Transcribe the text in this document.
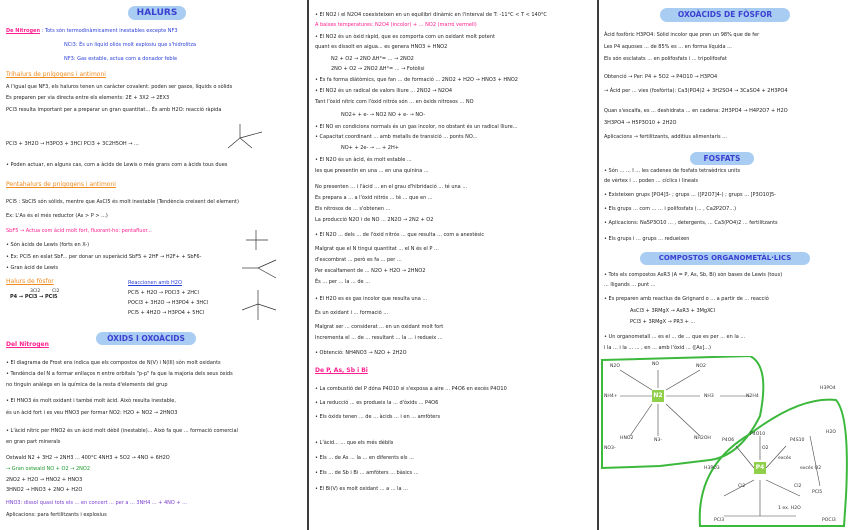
HALURS
De Nitrogen : Tots són termodinàmicament inestables excepte NF3
NCl3: És un líquid oliós molt explosiu que s'hidrolitza
NF3: Gas estable, actua com a donador feble
Trihalurs de pnígogens i antimoni
A l'igual que NF3, els haluros tenen un caràcter covalent: poden ser gasos, líquids o sòlids
Es preparen per via directa entre els elements: 2E + 3X2 → 2EX3
PCl3 resulta important per a preparar un gran quantitat... És amb H2O: reacció ràpida
PCl3 + 3H2O → H3PO3 + 3HCl PCl3 + 3C2H5OH → ...
• Poden actuar, en alguns cas, com a àcids de Lewis o més grans com a àcids tous dues
Pentahalurs de pnígogens i antimoni
PCl5 : SbCl5 són sòlids, mentre que AsCl5 és molt inestable (Tendència creixent del element)
Ex: L'As és el més reductor (As > P > ...)
SbF5 → Actua com àcid molt fort, fluorant-ho: pentafluor...
• Són àcids de Lewis (forts en X-)
• Ex: PCl5 en eslat SbF... per donar un superàcid SbF5 + 2HF → H2F+ + SbF6-
• Gran àcid de Lewis
Halurs de fòsfor
P4 → PCl3 → PCl5
3Cl2	Cl2
Reaccionen amb H2O
PCl5 + H2O → POCl3 + 2HCl
POCl3 + 3H2O → H3PO4 + 3HCl
PCl5 + 4H2O → H3PO4 + 5HCl
Del Nitrogen
ÒXIDS I OXOÀCIDS
• El diagrama de Frost ens indica que els compostos de N(V) i N(III) són molt oxidants
• Tendència del N a formar enllaços π entre orbitals "p-p" fa que la majoria dels seus òxids
no tinguin anàlegs en la química de la resta d'elements del grup
• El HNO3 és molt oxidant i també molt àcid. Això resulta inestable,
és un àcid fort i es veu HNO3 per formar NO2: H2O + NO2 → 2HNO3
• L'àcid nítric per HNO2 és un àcid molt dèbil (inestable)... Això fa que ... formació comercial
en gran part minerals
Ostwald N2 + 3H2 → 2NH3 ... 400°C 4NH3 + 5O2 → 4NO + 6H2O
→ Gran ostwald NO + O2 → 2NO2
2NO2 + H2O → HNO2 + HNO3
3HNO2 → HNO3 + 2NO + H2O
HNO3: dissol quasi tots els ... en concert ... per a ... 3NH4 ... + 4NO + ...
Aplicacions: para fertilitzants i explosius
• El NO2 i el N2O4 coexisteixen en un equilibri dinàmic en l'interval de T: -11°C < T < 140°C
A baixes temperatures: N2O4 (incolor) + ... NO2 (marró vermell)
• El NO2 és un òxid ràpid, que es comporta com un oxidant molt potent
quant es dissolt en aigua... es genera HNO3 + HNO2
N2 + O2 → 2NO ΔH°= ... → 2NO2
2NO + O2 → 2NO2 ΔH°= ... → Fotòlisi
• Es fa forma diàtòmics, que fan ... de formació ... 2NO2 + H2O → HNO3 + HNO2
• El NO2 és un radical de valors lliure ... 2NO2 → N2O4
Tant l'òxid nítric com l'òxid nitrós són ... en òxids nitrosos ... NO
NO2+ + e- → NO2 NO + e- → NO-
• El NO en condicions normals és un gas incolor, no obstant és un radical lliure...
• Capacitat coordinant ... amb metalls de transició ... ponts NO...
NO+ + 2e- → ... + 2H+
• El N2O és un àcid, és molt estable ...
les que presentin en una ... en una quinina ...
No presenten ... i l'àcid ... en el grau d'hibridació ... té una ...
Es prepara a ... a l'òxid nitrós ... té ... que en ...
Els nitrosos de ... s'obtenen ...
La producció N2O i de NO ... 2N2O → 2N2 + O2
• El N2O ... dels ... de l'òxid nitrós ... que resulta ... com a anestèsic
Malgrat que el N tingui quantitat ... el N és el P ...
d'escombrat ... però es fa ... per ...
Per escalfament de ... N2O + H2O → 2HNO2
És ... per ... la ... de ...
• El H2O es es gas incolor que resulta una ...
És un oxidant i ... formació ...
Malgrat ser ... considerat ... en un oxidant molt fort
Incrementa el ... de ... resultant ... la ... i redueix ...
• Obtenció: NH4NO3 → N2O + 2H2O
De P, As, Sb i Bi
• La combustió del P dóna P4O10 si s'exposa a aire ... P4O6 en excés P4O10
• La reducció ... es produeix la ... d'òxids ... P4O6
• Els òxids tenen ... de ... àcids ... i en ... amfòters
• L'àcid... ... que els més dèbils
• Els ... de As ... la ... en diferents els ...
• Els ... de Sb i Bi ... amfòters ... bàsics ...
• El Bi(V) es molt oxidant ... a ... la ...
OXOÀCIDS DE FÒSFOR
Àcid fosfòric H3PO4: Sòlid incolor que pren un 98% que de fer
Les P4 aquoses ... de 85% es ... en forma líquida ...
Els són esclatats ... en polifosfats i ... tripolifosfat
Obtenció → Per: P4 + 5O2 → P4O10 → H3PO4
→ Àcid per ... vies (fosfòrita): Ca3(PO4)2 + 3H2SO4 → 3CaSO4 + 2H3PO4
Quan s'escalfa, es ... deshidrata ... en cadena: 2H3PO4 → H4P2O7 + H2O
3H3PO4 → H5P3O10 + 2H2O
Aplicacions → fertilitzants, additius alimentaris ...
FOSFATS
• Són ... ... I ... les cadenes de fosfats tetraèdrics units
de vèrtex i ... poden ... cíclics i lineals
• Existeixen grups [PO4]3- ; grups ... ([P2O7]4-) ; grups ... [P3O10]5-
• Els grups ... com ... ... i polifosfats (... , Ca2P2O7...)
• Aplicacions: Na5P3O10 ... , detergents, ... Ca3(PO4)2 ... fertilitzants
• Els grups i ... grups ... redueixen
COMPOSTOS ORGANOMETÀL·LICS
• Tots els compostos AsR3 (A = P, As, Sb, Bi) són bases de Lewis (tous)
... lligands ... punt ...
• Es preparen amb reactius de Grignard o ... a partir de ... reacció
AsCl3 + 3RMgX → AsR3 + 3MgXCl
PCl3 + 3RMgX → PR3 + ...
• Un organometall ... es el ... de ... que es per ... en la ...
i la ... i la ... ... , en ... amb l'òxid ... ([As]...)
N2
P4
N2O	NO	NO2
NH4+	NH3	N2H4
HNO2	N3-	NH2OH
NO3-
P4O10
H3PO4
P4O6
H3PO3
PCl3
PCl5
POCl3
P4S10
Cl2
O2
excés
H2O
1 ex. H2O
Cl2
excés O2
